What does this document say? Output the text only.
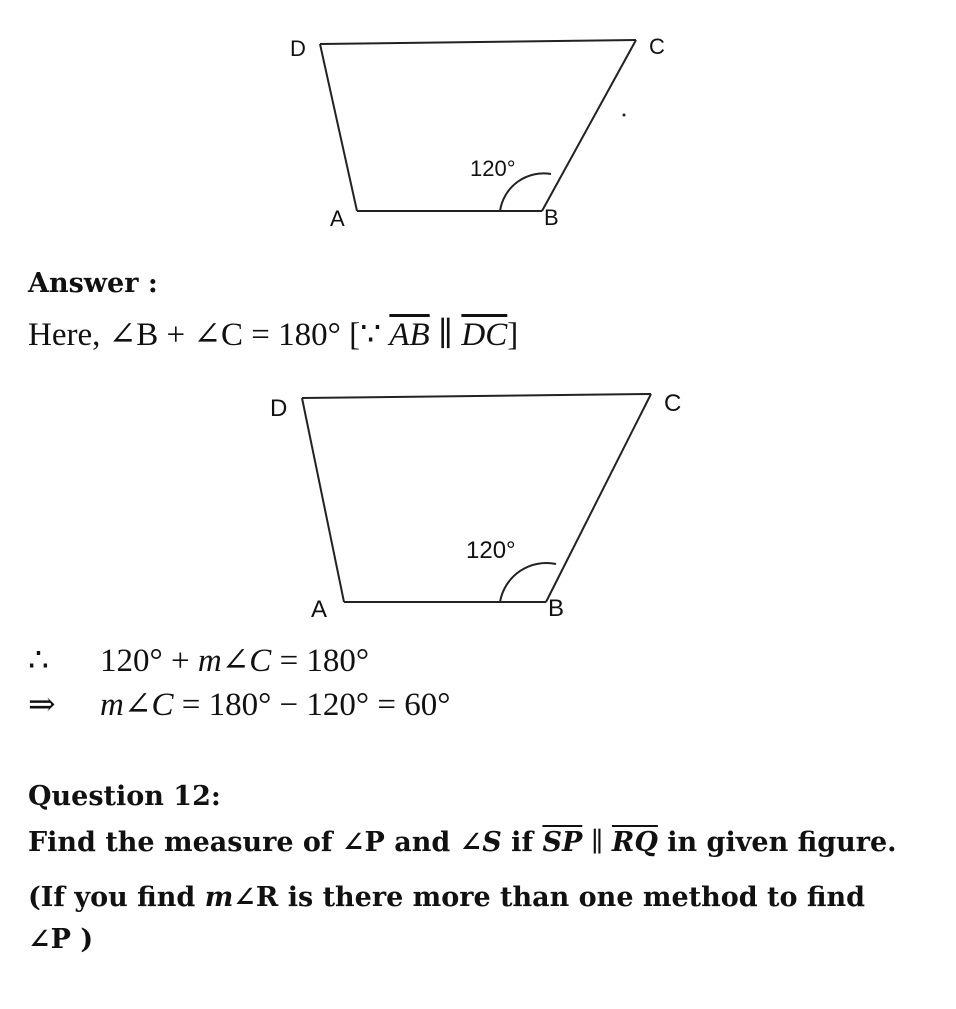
D	C
A	B
120°
Answer :
Here, ∠B + ∠C = 180° [∵ $\overline{AB}$ ∥ $\overline{DC}$]
D	C
A	B
120°
∴ 120° + m∠C = 180°
⇒ m∠C = 180° − 120° = 60°
Question 12:
Find the measure of ∠P and ∠S if $\overline{SP}$ ∥ $\overline{RQ}$ in given figure.
(If you find m∠R is there more than one method to find
∠P )
